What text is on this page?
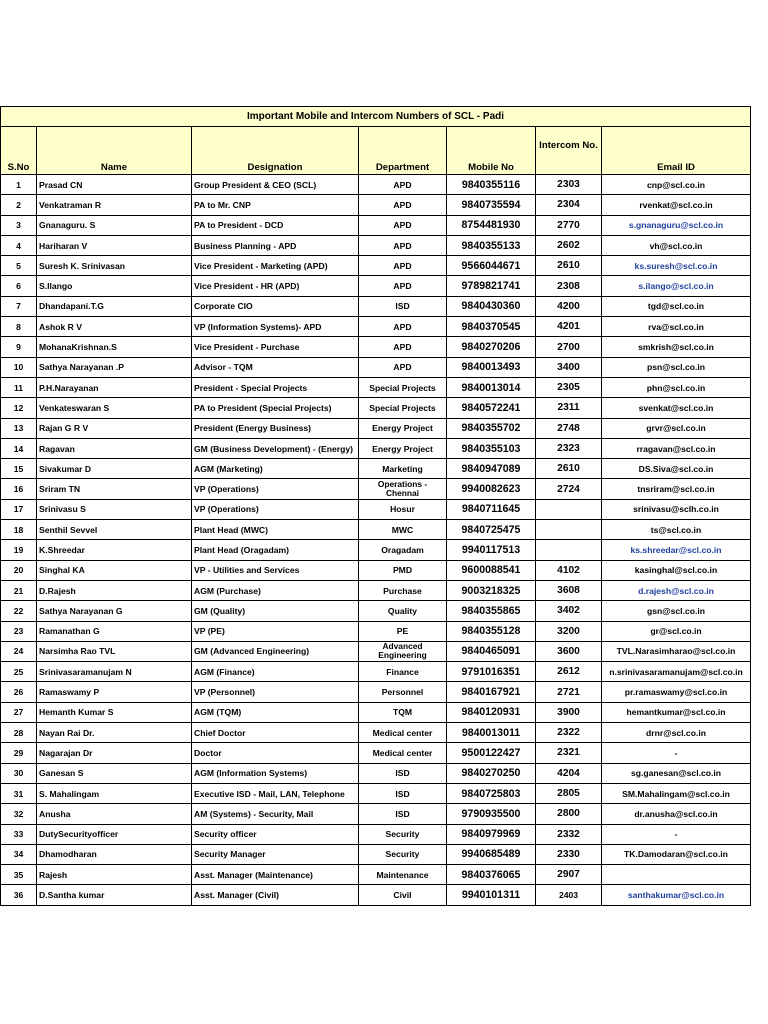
Important Mobile and Intercom Numbers of SCL - Padi						
S.No	Name	Designation	Department	Mobile No	Intercom No.	Email ID
1	Prasad CN	Group President & CEO (SCL)	APD	9840355116	2303	cnp@scl.co.in
2	Venkatraman R	PA to Mr. CNP	APD	9840735594	2304	rvenkat@scl.co.in
3	Gnanaguru. S	PA to President - DCD	APD	8754481930	2770	s.gnanaguru@scl.co.in
4	Hariharan V	Business Planning - APD	APD	9840355133	2602	vh@scl.co.in
5	Suresh K. Srinivasan	Vice President - Marketing (APD)	APD	9566044671	2610	ks.suresh@scl.co.in
6	S.Ilango	Vice President - HR (APD)	APD	9789821741	2308	s.ilango@scl.co.in
7	Dhandapani.T.G	Corporate CIO	ISD	9840430360	4200	tgd@scl.co.in
8	Ashok R V	VP (Information Systems)- APD	APD	9840370545	4201	rva@scl.co.in
9	MohanaKrishnan.S	Vice President - Purchase	APD	9840270206	2700	smkrish@scl.co.in
10	Sathya Narayanan .P	Advisor - TQM	APD	9840013493	3400	psn@scl.co.in
11	P.H.Narayanan	President - Special Projects	Special Projects	9840013014	2305	phn@scl.co.in
12	Venkateswaran S	PA to President (Special Projects)	Special Projects	9840572241	2311	svenkat@scl.co.in
13	Rajan G R V	President (Energy Business)	Energy Project	9840355702	2748	grvr@scl.co.in
14	Ragavan	GM (Business Development) - (Energy)	Energy Project	9840355103	2323	rragavan@scl.co.in
15	Sivakumar D	AGM (Marketing)	Marketing	9840947089	2610	DS.Siva@scl.co.in
16	Sriram TN	VP (Operations)	Operations - Chennai	9940082623	2724	tnsriram@scl.co.in
17	Srinivasu S	VP (Operations)	Hosur	9840711645		srinivasu@sclh.co.in
18	Senthil Sevvel	Plant Head (MWC)	MWC	9840725475		ts@scl.co.in
19	K.Shreedar	Plant Head (Oragadam)	Oragadam	9940117513		ks.shreedar@scl.co.in
20	Singhal KA	VP - Utilities and Services	PMD	9600088541	4102	kasinghal@scl.co.in
21	D.Rajesh	AGM (Purchase)	Purchase	9003218325	3608	d.rajesh@scl.co.in
22	Sathya Narayanan G	GM (Quality)	Quality	9840355865	3402	gsn@scl.co.in
23	Ramanathan G	VP (PE)	PE	9840355128	3200	gr@scl.co.in
24	Narsimha Rao TVL	GM (Advanced Engineering)	Advanced Engineering	9840465091	3600	TVL.Narasimharao@scl.co.in
25	Srinivasaramanujam N	AGM (Finance)	Finance	9791016351	2612	n.srinivasaramanujam@scl.co.in
26	Ramaswamy P	VP (Personnel)	Personnel	9840167921	2721	pr.ramaswamy@scl.co.in
27	Hemanth Kumar S	AGM (TQM)	TQM	9840120931	3900	hemantkumar@scl.co.in
28	Nayan Rai Dr.	Chief Doctor	Medical center	9840013011	2322	drnr@scl.co.in
29	Nagarajan Dr	Doctor	Medical center	9500122427	2321	-
30	Ganesan S	AGM (Information Systems)	ISD	9840270250	4204	sg.ganesan@scl.co.in
31	S. Mahalingam	Executive ISD - Mail, LAN, Telephone	ISD	9840725803	2805	SM.Mahalingam@scl.co.in
32	Anusha	AM (Systems) - Security, Mail	ISD	9790935500	2800	dr.anusha@scl.co.in
33	DutySecurityofficer	Security officer	Security	9840979969	2332	-
34	Dhamodharan	Security Manager	Security	9940685489	2330	TK.Damodaran@scl.co.in
35	Rajesh	Asst. Manager (Maintenance)	Maintenance	9840376065	2907	
36	D.Santha kumar	Asst. Manager (Civil)	Civil	9940101311	2403	santhakumar@scl.co.in
